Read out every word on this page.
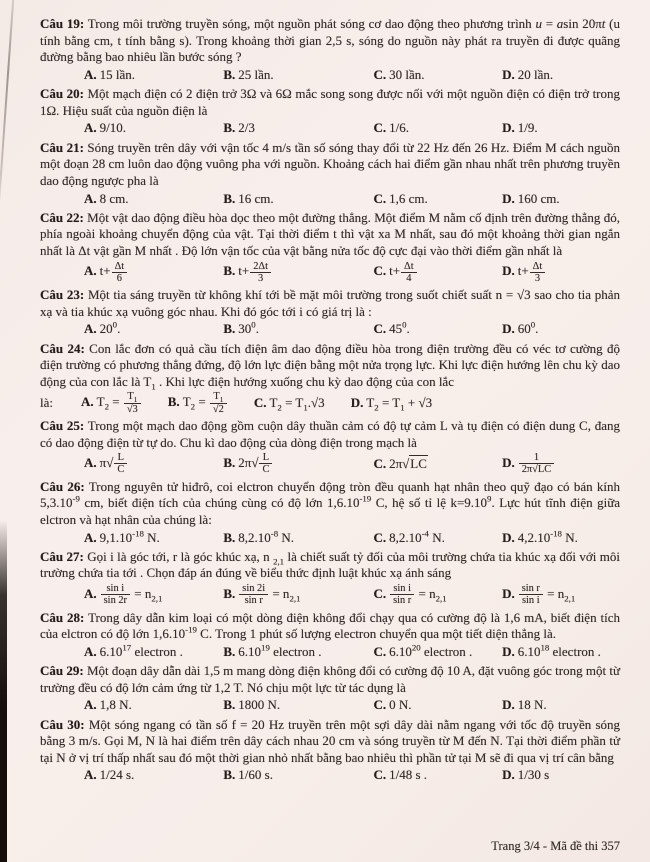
Câu 19: Trong môi trường truyền sóng, một nguồn phát sóng cơ dao động theo phương trình u = asin 20πt (u tính bằng cm, t tính bằng s). Trong khoảng thời gian 2,5 s, sóng do nguồn này phát ra truyền đi được quãng đường bằng bao nhiêu lần bước sóng ?

A. 15 lần.	B. 25 lần.	C. 30 lần.	D. 20 lần.

Câu 20: Một mạch điện có 2 điện trở 3Ω và 6Ω mắc song song được nối với một nguồn điện có điện trở trong 1Ω. Hiệu suất của nguồn điện là

A. 9/10.	B. 2/3	C. 1/6.	D. 1/9.

Câu 21: Sóng truyền trên dây với vận tốc 4 m/s tần số sóng thay đổi từ 22 Hz đến 26 Hz. Điểm M cách nguồn một đoạn 28 cm luôn dao động vuông pha với nguồn. Khoảng cách hai điểm gần nhau nhất trên phương truyền dao động ngược pha là

A. 8 cm.	B. 16 cm.	C. 1,6 cm.	D. 160 cm.

Câu 22: Một vật dao động điều hòa dọc theo một đường thẳng. Một điểm M nằm cố định trên đường thẳng đó, phía ngoài khoảng chuyển động của vật. Tại thời điểm t thì vật xa M nhất, sau đó một khoảng thời gian ngắn nhất là Δt vật gần M nhất . Độ lớn vận tốc của vật bằng nửa tốc độ cực đại vào thời điểm gần nhất là

A. $t+ \frac{\Delta t}{6}$	B. $t+ \frac{2\Delta t}{3}$	C. $t+ \frac{\Delta t}{4}$	D. $t+ \frac{\Delta t}{3}$

Câu 23: Một tia sáng truyền từ không khí tới bề mặt môi trường trong suốt chiết suất n = √3 sao cho tia phản xạ và tia khúc xạ vuông góc nhau. Khi đó góc tới i có giá trị là :

A. $20^0$.	B. $30^0$.	C. $45^0$.	D. $60^0$.

Câu 24: Con lắc đơn có quả cầu tích điện âm dao động điều hòa trong điện trường đều có véc tơ cường độ điện trường có phương thẳng đứng, độ lớn lực điện bằng một nửa trọng lực. Khi lực điện hướng lên chu kỳ dao động của con lắc là $T_1$ . Khi lực điện hướng xuống chu kỳ dao động của con lắc

là: A. $T_2 = \frac{T_1}{√3} B$. $T_2 = \frac{T_1}{√2} C$. $T_2 = T_1.√3$ D. $T_2 = T_1 + √3$

Câu 25: Trong một mạch dao động gồm cuộn dây thuần cảm có độ tự cảm L và tụ điện có điện dung C, đang có dao động điện từ tự do. Chu kì dao động của dòng điện trong mạch là

A. $\pi√ \frac{L}{C}$	B. $2\pi√ \frac{L}{C}$	C. 2π√LC	D. $\frac{1}{2\pi√LC}$

Câu 26: Trong nguyên tử hiđrô, coi elctron chuyển động tròn đều quanh hạt nhân theo quỹ đạo có bán kính $5,3.10^{-9}$ cm, biết điện tích của chúng cùng có độ lớn $1,6.10^{-19}$ C, hệ số tỉ lệ $k=9.10^9$. Lực hút tĩnh điện giữa elctron và hạt nhân của chúng là:

A. $9,1.10^{-18}$ N.	B. $8,2.10^{-8}$ N.	C. $8,2.10^{-4}$ N.	D. $4,2.10^{-18}$ N.

Câu 27: Gọi i là góc tới, r là góc khúc xạ, n $_{2,1}$ là chiết suất tỷ đối của môi trường chứa tia khúc xạ đối với môi trường chứa tia tới . Chọn đáp án đúng về biểu thức định luật khúc xạ ánh sáng

A. $\frac{\text{sin i}}{\sin 2r} = n_{2,1}$	B. $\frac{\sin 2i}{\text{sin r}} = n_{2,1}$	C. $\frac{\text{sin i}}{\text{sin r}} = n_{2,1}$	D. $\frac{\text{sin r}}{\text{sin i}} = n_{2,1}$

Câu 28: Trong dây dẫn kim loại có một dòng điện không đổi chạy qua có cường độ là 1,6 mA, biết điện tích của elctron có độ lớn $1,6.10^{-19}$ C. Trong 1 phút số lượng electron chuyển qua một tiết diện thẳng là.

A. 6.10$^{17}$ electron .	B. 6.10$^{19}$ electron .	C. 6.10$^{20}$ electron .	D. 6.10$^{18}$ electron .

Câu 29: Một đoạn dây dẫn dài 1,5 m mang dòng điện không đổi có cường độ 10 A, đặt vuông góc trong một từ trường đều có độ lớn cảm ứng từ 1,2 T. Nó chịu một lực từ tác dụng là

A. 1,8 N.	B. 1800 N.	C. 0 N.	D. 18 N.

Câu 30: Một sóng ngang có tần số f = 20 Hz truyền trên một sợi dây dài nằm ngang với tốc độ truyền sóng bằng 3 m/s. Gọi M, N là hai điểm trên dây cách nhau 20 cm và sóng truyền từ M đến N. Tại thời điểm phần tử tại N ở vị trí thấp nhất sau đó một thời gian nhỏ nhất bằng bao nhiêu thì phần tử tại M sẽ đi qua vị trí cân bằng

A. 1/24 s.	B. 1/60 s.	C. 1/48 s .	D. 1/30 s
Trang 3/4 - Mã đề thi 357
